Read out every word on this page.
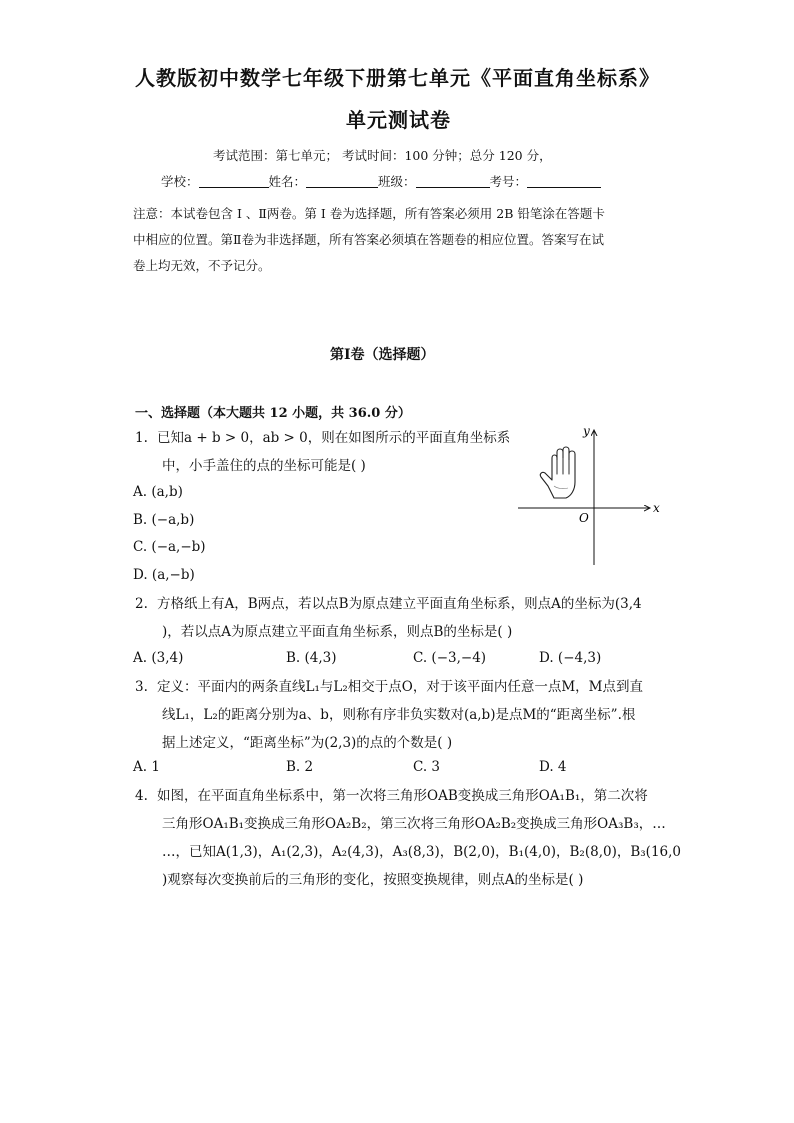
人教版初中数学七年级下册第七单元《平面直角坐标系》
单元测试卷
考试范围：第七单元； 考试时间：100 分钟；总分 120 分，
学校：	姓名：	班级：	考号：
注意：本试卷包含 Ⅰ 、Ⅱ两卷。第 Ⅰ 卷为选择题，所有答案必须用 2B 铅笔涂在答题卡
中相应的位置。第Ⅱ卷为非选择题，所有答案必须填在答题卷的相应位置。答案写在试
卷上均无效，不予记分。
第Ⅰ卷（选择题）
一、选择题（本大题共 12 小题，共 36.0 分）
1. 已知a + b > 0，ab > 0，则在如图所示的平面直角坐标系
中，小手盖住的点的坐标可能是( )
A. (a,b)
B. (−a,b)
C. (−a,−b)
D. (a,−b)
x
y
O
2. 方格纸上有A，B两点，若以点B为原点建立平面直角坐标系，则点A的坐标为(3,4
)，若以点A为原点建立平面直角坐标系，则点B的坐标是( )
A. (3,4)	B. (4,3)	C. (−3,−4)	D. (−4,3)
3. 定义：平面内的两条直线L₁与L₂相交于点O，对于该平面内任意一点M，M点到直
线L₁，L₂的距离分别为a、b，则称有序非负实数对(a,b)是点M的“距离坐标”.根
据上述定义，“距离坐标”为(2,3)的点的个数是( )
A. 1	B. 2	C. 3	D. 4
4. 如图，在平面直角坐标系中，第一次将三角形OAB变换成三角形OA₁B₁，第二次将
三角形OA₁B₁变换成三角形OA₂B₂，第三次将三角形OA₂B₂变换成三角形OA₃B₃，…
…，已知A(1,3)，A₁(2,3)，A₂(4,3)，A₃(8,3)，B(2,0)，B₁(4,0)，B₂(8,0)，B₃(16,0
)观察每次变换前后的三角形的变化，按照变换规律，则点A的坐标是( )
